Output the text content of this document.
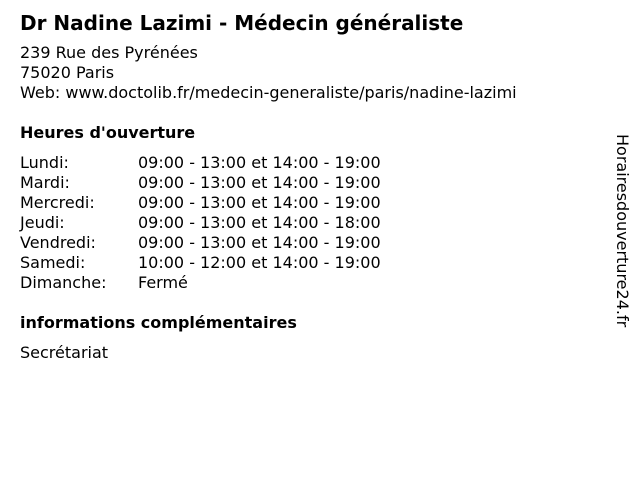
Dr Nadine Lazimi - Médecin généraliste
239 Rue des Pyrénées
75020 Paris
Web: www.doctolib.fr/medecin-generaliste/paris/nadine-lazimi
Heures d'ouverture
Lundi:	09:00 - 13:00 et 14:00 - 19:00
Mardi:	09:00 - 13:00 et 14:00 - 19:00
Mercredi:	09:00 - 13:00 et 14:00 - 19:00
Jeudi:	09:00 - 13:00 et 14:00 - 18:00
Vendredi:	09:00 - 13:00 et 14:00 - 19:00
Samedi:	10:00 - 12:00 et 14:00 - 19:00
Dimanche:	Fermé
informations complémentaires
Secrétariat
Horairesdouverture24.fr
